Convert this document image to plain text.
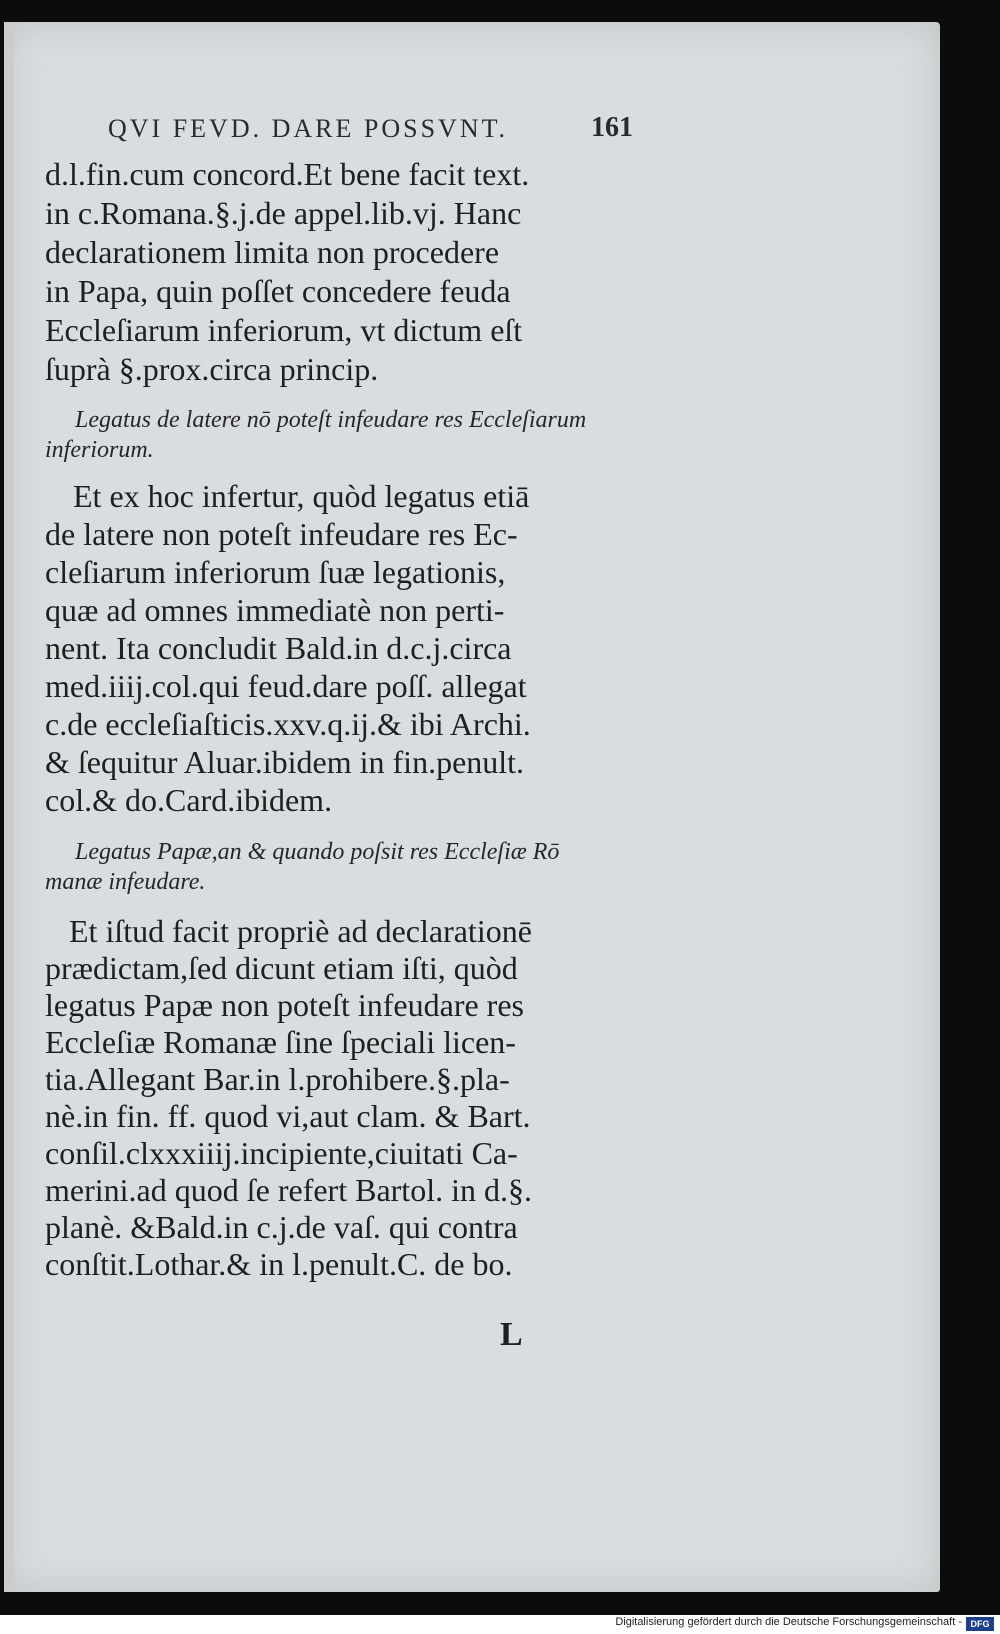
QVI FEVD. DARE POSSVNT.	161
d.l.fin.cum concord.Et bene facit text.
in c.Romana.§.j.de appel.lib.vj. Hanc
declarationem limita non procedere
in Papa, quin poſſet concedere feuda
Eccleſiarum inferiorum, vt dictum eſt
ſuprà §.prox.circa princip.
Legatus de latere nō poteſt infeudare res Eccleſiarum
inferiorum.
Et ex hoc infertur, quòd legatus etiā
de latere non poteſt infeudare res Ec-
cleſiarum inferiorum ſuæ legationis,
quæ ad omnes immediatè non perti-
nent. Ita concludit Bald.in d.c.j.circa
med.iiij.col.qui feud.dare poſſ. allegat
c.de eccleſiaſticis.xxv.q.ij.& ibi Archi.
& ſequitur Aluar.ibidem in fin.penult.
col.& do.Card.ibidem.
Legatus Papæ,an & quando poſsit res Eccleſiæ Rō
manæ infeudare.
Et iſtud facit propriè ad declarationē
prædictam,ſed dicunt etiam iſti, quòd
legatus Papæ non poteſt infeudare res
Eccleſiæ Romanæ ſine ſpeciali licen-
tia.Allegant Bar.in l.prohibere.§.pla-
nè.in fin. ff. quod vi,aut clam. & Bart.
conſil.clxxxiiij.incipiente,ciuitati Ca-
merini.ad quod ſe refert Bartol. in d.§.
planè. &Bald.in c.j.de vaſ. qui contra
conſtit.Lothar.& in l.penult.C. de bo.
L
Digitalisierung gefördert durch die Deutsche Forschungsgemeinschaft - DFG
